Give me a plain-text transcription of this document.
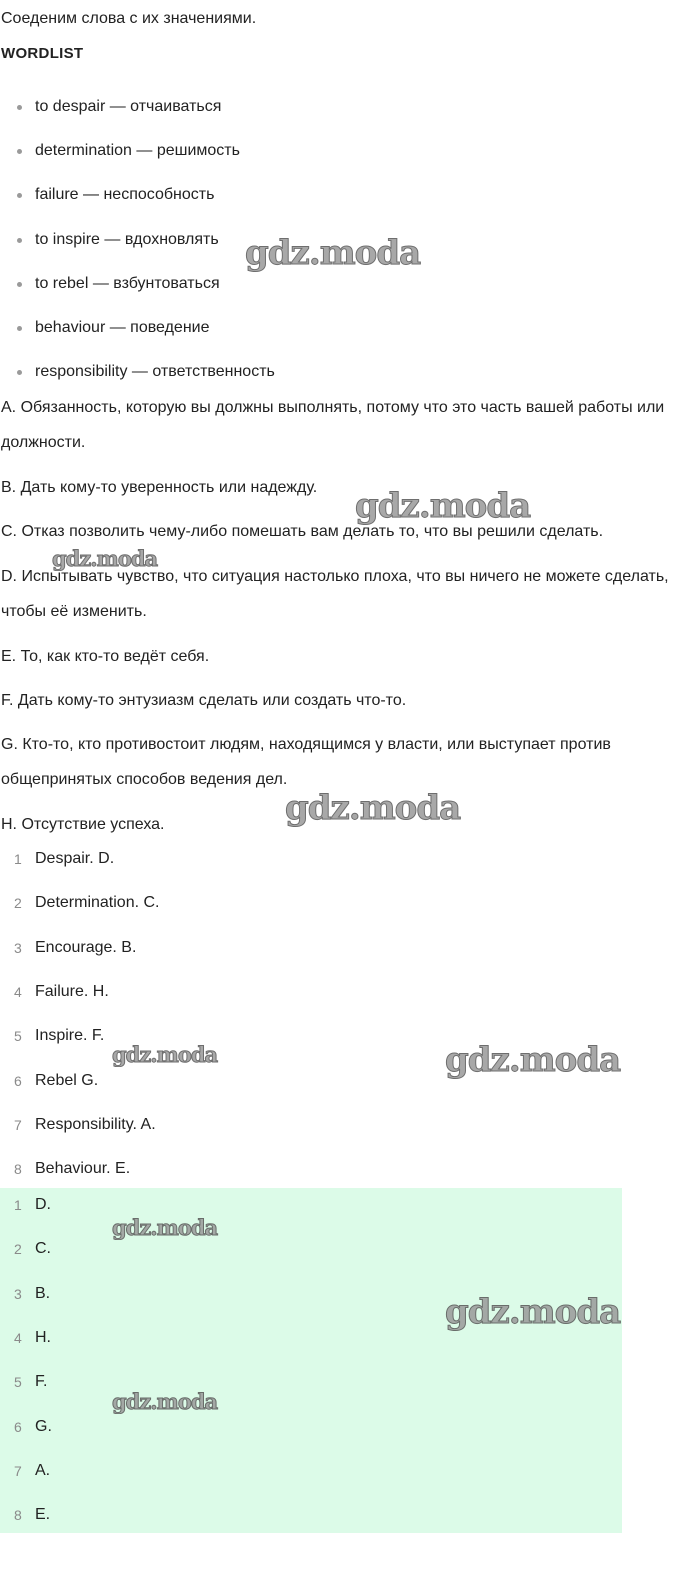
Соеденим слова с их значениями.
WORDLIST
to despair — отчаиваться
determination — решимость
failure — неспособность
to inspire — вдохновлять
to rebel — взбунтоваться
behaviour — поведение
responsibility — ответственность
A. Обязанность, которую вы должны выполнять, потому что это часть вашей работы или должности.
B. Дать кому-то уверенность или надежду.
C. Отказ позволить чему-либо помешать вам делать то, что вы решили сделать.
D. Испытывать чувство, что ситуация настолько плоха, что вы ничего не можете сделать, чтобы её изменить.
E. То, как кто-то ведёт себя.
F. Дать кому-то энтузиазм сделать или создать что-то.
G. Кто-то, кто противостоит людям, находящимся у власти, или выступает против общепринятых способов ведения дел.
H. Отсутствие успеха.
1 Despair. D.
2 Determination. C.
3 Encourage. B.
4 Failure. H.
5 Inspire. F.
6 Rebel G.
7 Responsibility. A.
8 Behaviour. E.
1 D.
2 C.
3 B.
4 H.
5 F.
6 G.
7 A.
8 E.
gdz.moda
gdz.moda
gdz.moda
gdz.moda
gdz.moda	gdz.moda
gdz.moda
gdz.moda
gdz.moda
